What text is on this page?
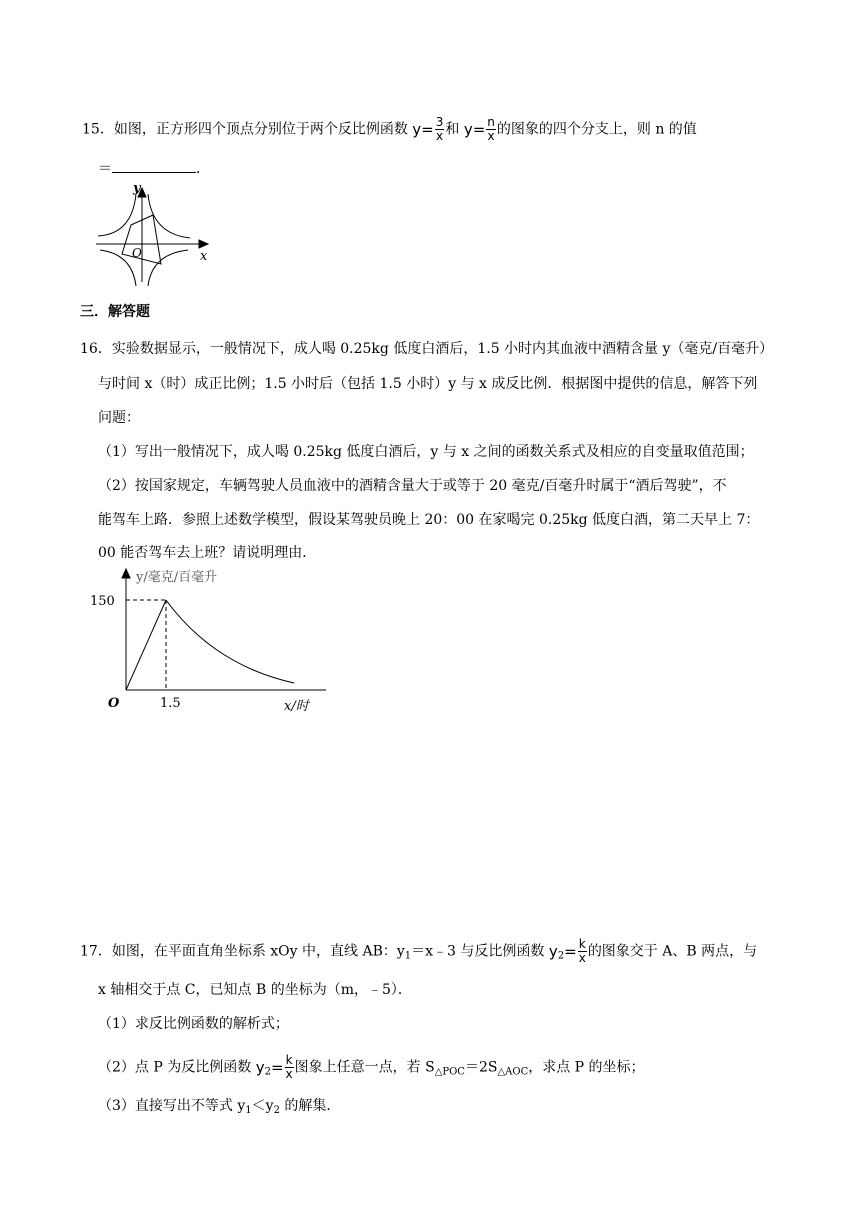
15．如图，正方形四个顶点分别位于两个反比例函数 $y= \frac{3}{x}$ 和 $y= \frac{n}{x}$ 的图象的四个分支上，则 n 的值
＝	．
y
x
O
三．解答题
16．实验数据显示，一般情况下，成人喝 0.25kg 低度白酒后，1.5 小时内其血液中酒精含量 y（毫克/百毫升）
与时间 x（时）成正比例；1.5 小时后（包括 1.5 小时）y 与 x 成反比例．根据图中提供的信息，解答下列
问题：
（1）写出一般情况下，成人喝 0.25kg 低度白酒后，y 与 x 之间的函数关系式及相应的自变量取值范围；
（2）按国家规定，车辆驾驶人员血液中的酒精含量大于或等于 20 毫克/百毫升时属于“酒后驾驶”，不
能驾车上路．参照上述数学模型，假设某驾驶员晚上 20：00 在家喝完 0.25kg 低度白酒，第二天早上 7：
00 能否驾车去上班？请说明理由．
y/毫克/百毫升
150
1.5
O	x/时
17．如图，在平面直角坐标系 xOy 中，直线 AB：$y_1=x﹣3$ 与反比例函数 $y_2= \frac{k}{x}$ 的图象交于 A、B 两点，与
x 轴相交于点 C，已知点 B 的坐标为（m，﹣5）．
（1）求反比例函数的解析式；
（2）点 P 为反比例函数 $y_2= \frac{k}{x}$ 图象上任意一点，若 $S_{\triangle POC}=2S_{\triangle AOC}$，求点 P 的坐标；
（3）直接写出不等式 $y_1<y_2$ 的解集．
